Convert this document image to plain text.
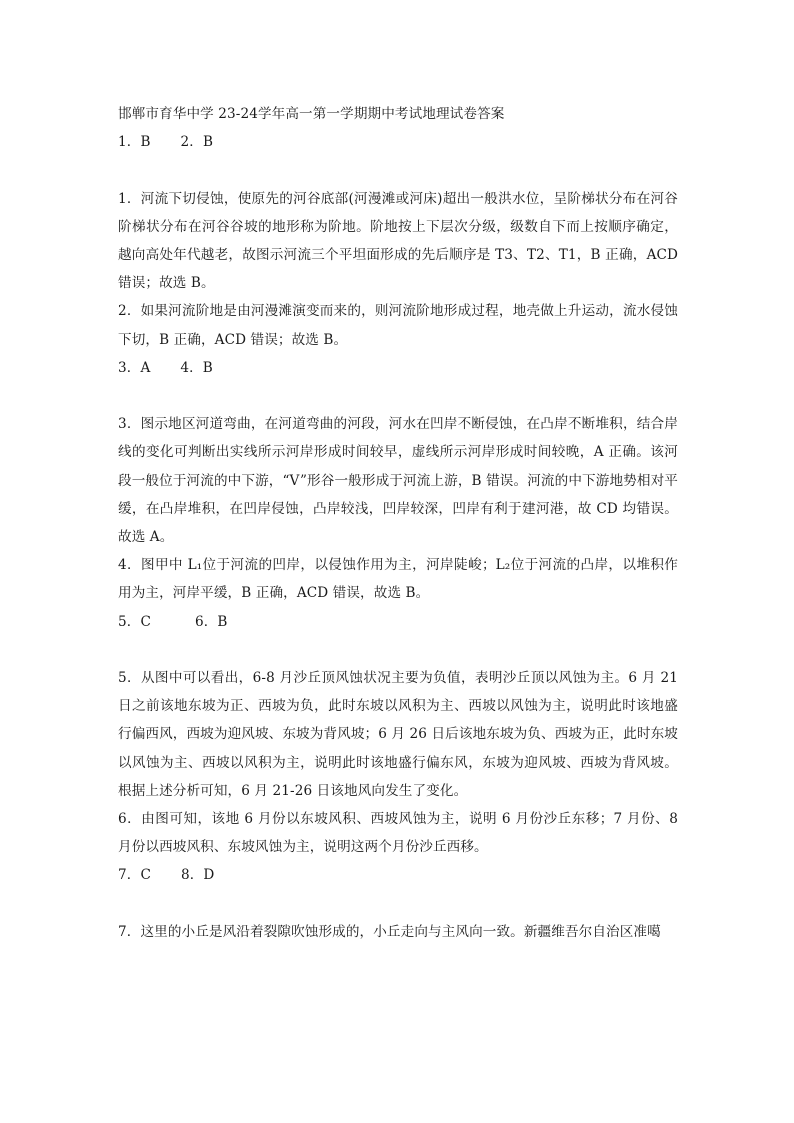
邯郸市育华中学 23-24学年高一第一学期期中考试地理试卷答案

1．B 2．B

1．河流下切侵蚀，使原先的河谷底部(河漫滩或河床)超出一般洪水位，呈阶梯状分布在河谷阶梯状分布在河谷谷坡的地形称为阶地。阶地按上下层次分级，级数自下而上按顺序确定，越向高处年代越老，故图示河流三个平坦面形成的先后顺序是 T3、T2、T1，B 正确，ACD 错误；故选 B。

2．如果河流阶地是由河漫滩演变而来的，则河流阶地形成过程，地壳做上升运动，流水侵蚀下切，B 正确，ACD 错误；故选 B。

3．A 4．B

3．图示地区河道弯曲，在河道弯曲的河段，河水在凹岸不断侵蚀，在凸岸不断堆积，结合岸线的变化可判断出实线所示河岸形成时间较早，虚线所示河岸形成时间较晚，A 正确。该河段一般位于河流的中下游，“V”形谷一般形成于河流上游，B 错误。河流的中下游地势相对平缓，在凸岸堆积，在凹岸侵蚀，凸岸较浅，凹岸较深，凹岸有利于建河港，故 CD 均错误。故选 A。

4．图甲中 L₁位于河流的凹岸，以侵蚀作用为主，河岸陡峻；L₂位于河流的凸岸，以堆积作用为主，河岸平缓，B 正确，ACD 错误，故选 B。

5．C	6．B

5．从图中可以看出，6-8 月沙丘顶风蚀状况主要为负值，表明沙丘顶以风蚀为主。6 月 21 日之前该地东坡为正、西坡为负，此时东坡以风积为主、西坡以风蚀为主，说明此时该地盛行偏西风，西坡为迎风坡、东坡为背风坡；6 月 26 日后该地东坡为负、西坡为正，此时东坡以风蚀为主、西坡以风积为主，说明此时该地盛行偏东风，东坡为迎风坡、西坡为背风坡。根据上述分析可知，6 月 21-26 日该地风向发生了变化。

6．由图可知，该地 6 月份以东坡风积、西坡风蚀为主，说明 6 月份沙丘东移；7 月份、8 月份以西坡风积、东坡风蚀为主，说明这两个月份沙丘西移。

7．C 8．D

7．这里的小丘是风沿着裂隙吹蚀形成的，小丘走向与主风向一致。新疆维吾尔自治区准噶
